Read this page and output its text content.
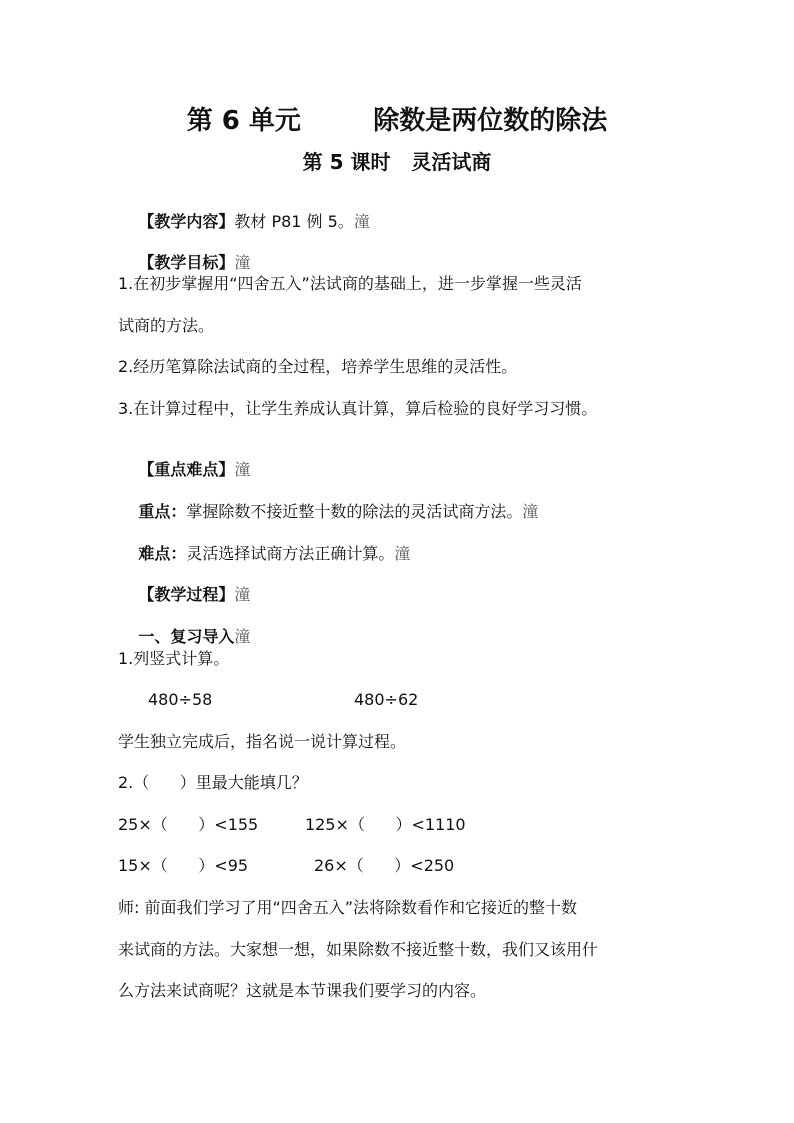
第 6 单元        除数是两位数的除法
第 5 课时   灵活试商

【教学内容】教材 P81 例 5。潼

【教学目标】潼

1.在初步掌握用“四舍五入”法试商的基础上，进一步掌握一些灵活
试商的方法。
2.经历笔算除法试商的全过程，培养学生思维的灵活性。
3.在计算过程中，让学生养成认真计算，算后检验的良好学习习惯。

【重点难点】潼

重点：掌握除数不接近整十数的除法的灵活试商方法。潼

难点：灵活选择试商方法正确计算。潼

【教学过程】潼

一、复习导入潼

1.列竖式计算。
480÷58	480÷62
学生独立完成后，指名说一说计算过程。
2.（      ）里最大能填几？
25×（      ）<155	125×（      ）<1110
15×（      ）<95	26×（      ）<250
师: 前面我们学习了用“四舍五入”法将除数看作和它接近的整十数
来试商的方法。大家想一想，如果除数不接近整十数，我们又该用什
么方法来试商呢？这就是本节课我们要学习的内容。
